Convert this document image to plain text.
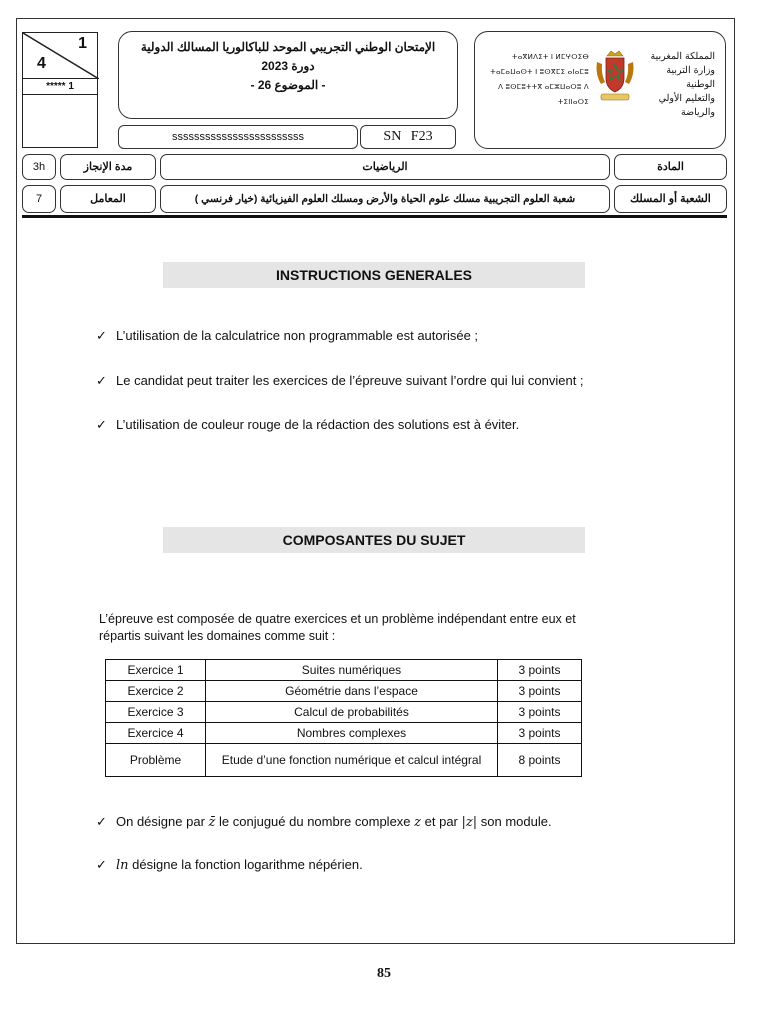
1
4
***** 1
الإمتحان الوطني التجريبي الموحد للباكالوريا المسالك الدولية
دورة 2023
- الموضوع 26 -
ⵜⴰⴳⵍⴷⵉⵜ ⵏ ⵍⵎⵖⵔⵉⴱ
ⵜⴰⵎⴰⵡⴰⵙⵜ ⵏ ⵓⵙⴳⵎⵉ ⴰⵏⴰⵎⵓ
ⴷ ⵓⵙⵎⵓⵜⵜⴳ ⴰⵎⵣⵡⴰⵔⵓ ⴷ ⵜⵉⵏⵏⴰⵔⵉ
المملكة المغربية
وزارة التربية الوطنية
والتعليم الأولي والرياضة
ssssssssssssssssssssssss	SN F23
3h	مدة الإنجاز	الرياضيات	المادة
7	المعامل	شعبة العلوم التجريبية مسلك علوم الحياة والأرض ومسلك العلوم الفيزيائية (خيار فرنسي )	الشعبة أو المسلك
INSTRUCTIONS GENERALES
✓ L’utilisation de la calculatrice non programmable est autorisée ;
✓ Le candidat peut traiter les exercices de l’épreuve suivant l’ordre qui lui convient ;
✓ L’utilisation de couleur rouge de la rédaction des solutions est à éviter.
COMPOSANTES DU SUJET
L’épreuve est composée de quatre exercices et un problème indépendant entre eux et répartis suivant les domaines comme suit :
Exercice 1	Suites numériques	3 points
Exercice 2	Géométrie dans l’espace	3 points
Exercice 3	Calcul de probabilités	3 points
Exercice 4	Nombres complexes	3 points
Problème	Etude d’une fonction numérique et calcul intégral	8 points
✓ On désigne par z̄ le conjugué du nombre complexe z et par |z| son module.
✓ ln désigne la fonction logarithme népérien.
85
